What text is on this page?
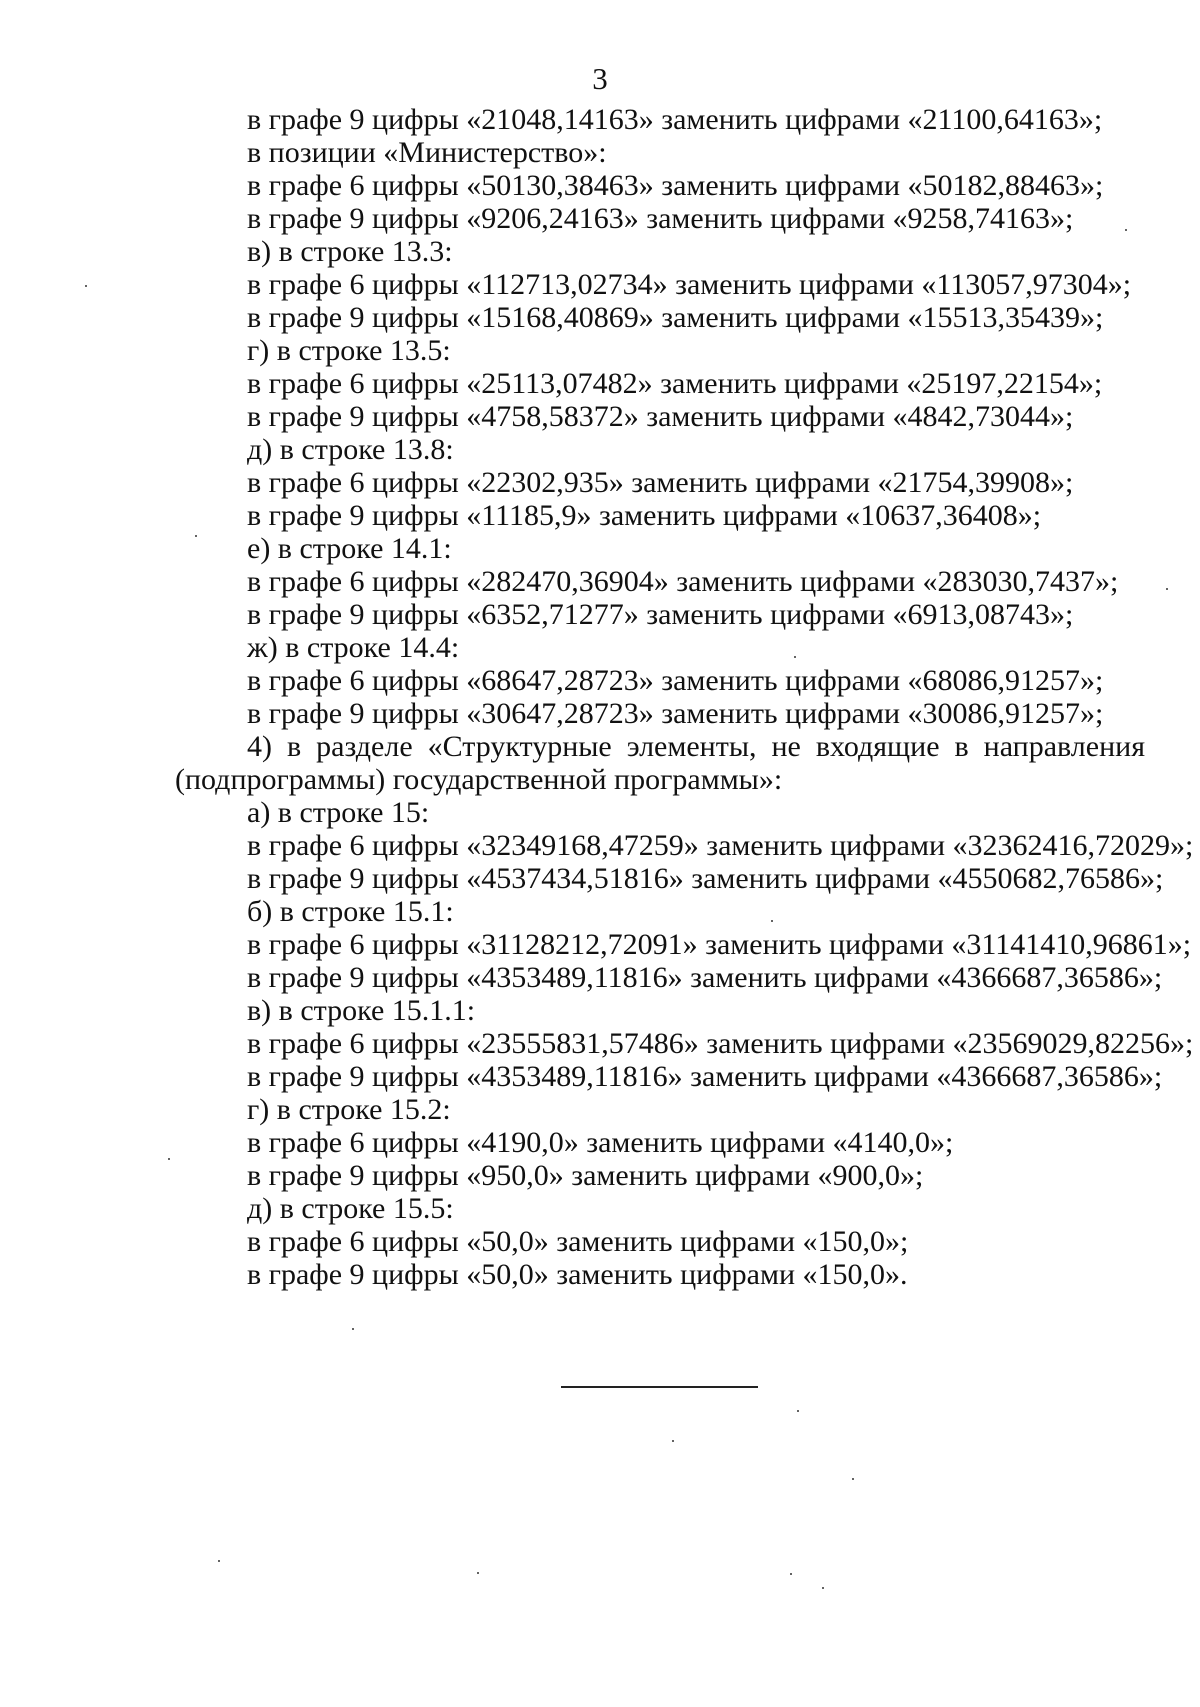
3
в графе 9 цифры «21048,14163» заменить цифрами «21100,64163»;
в позиции «Министерство»:
в графе 6 цифры «50130,38463» заменить цифрами «50182,88463»;
в графе 9 цифры «9206,24163» заменить цифрами «9258,74163»;
в) в строке 13.3:
в графе 6 цифры «112713,02734» заменить цифрами «113057,97304»;
в графе 9 цифры «15168,40869» заменить цифрами «15513,35439»;
г) в строке 13.5:
в графе 6 цифры «25113,07482» заменить цифрами «25197,22154»;
в графе 9 цифры «4758,58372» заменить цифрами «4842,73044»;
д) в строке 13.8:
в графе 6 цифры «22302,935» заменить цифрами «21754,39908»;
в графе 9 цифры «11185,9» заменить цифрами «10637,36408»;
е) в строке 14.1:
в графе 6 цифры «282470,36904» заменить цифрами «283030,7437»;
в графе 9 цифры «6352,71277» заменить цифрами «6913,08743»;
ж) в строке 14.4:
в графе 6 цифры «68647,28723» заменить цифрами «68086,91257»;
в графе 9 цифры «30647,28723» заменить цифрами «30086,91257»;
4) в разделе «Структурные элементы, не входящие в направления
(подпрограммы) государственной программы»:
а) в строке 15:
в графе 6 цифры «32349168,47259» заменить цифрами «32362416,72029»;
в графе 9 цифры «4537434,51816» заменить цифрами «4550682,76586»;
б) в строке 15.1:
в графе 6 цифры «31128212,72091» заменить цифрами «31141410,96861»;
в графе 9 цифры «4353489,11816» заменить цифрами «4366687,36586»;
в) в строке 15.1.1:
в графе 6 цифры «23555831,57486» заменить цифрами «23569029,82256»;
в графе 9 цифры «4353489,11816» заменить цифрами «4366687,36586»;
г) в строке 15.2:
в графе 6 цифры «4190,0» заменить цифрами «4140,0»;
в графе 9 цифры «950,0» заменить цифрами «900,0»;
д) в строке 15.5:
в графе 6 цифры «50,0» заменить цифрами «150,0»;
в графе 9 цифры «50,0» заменить цифрами «150,0».
